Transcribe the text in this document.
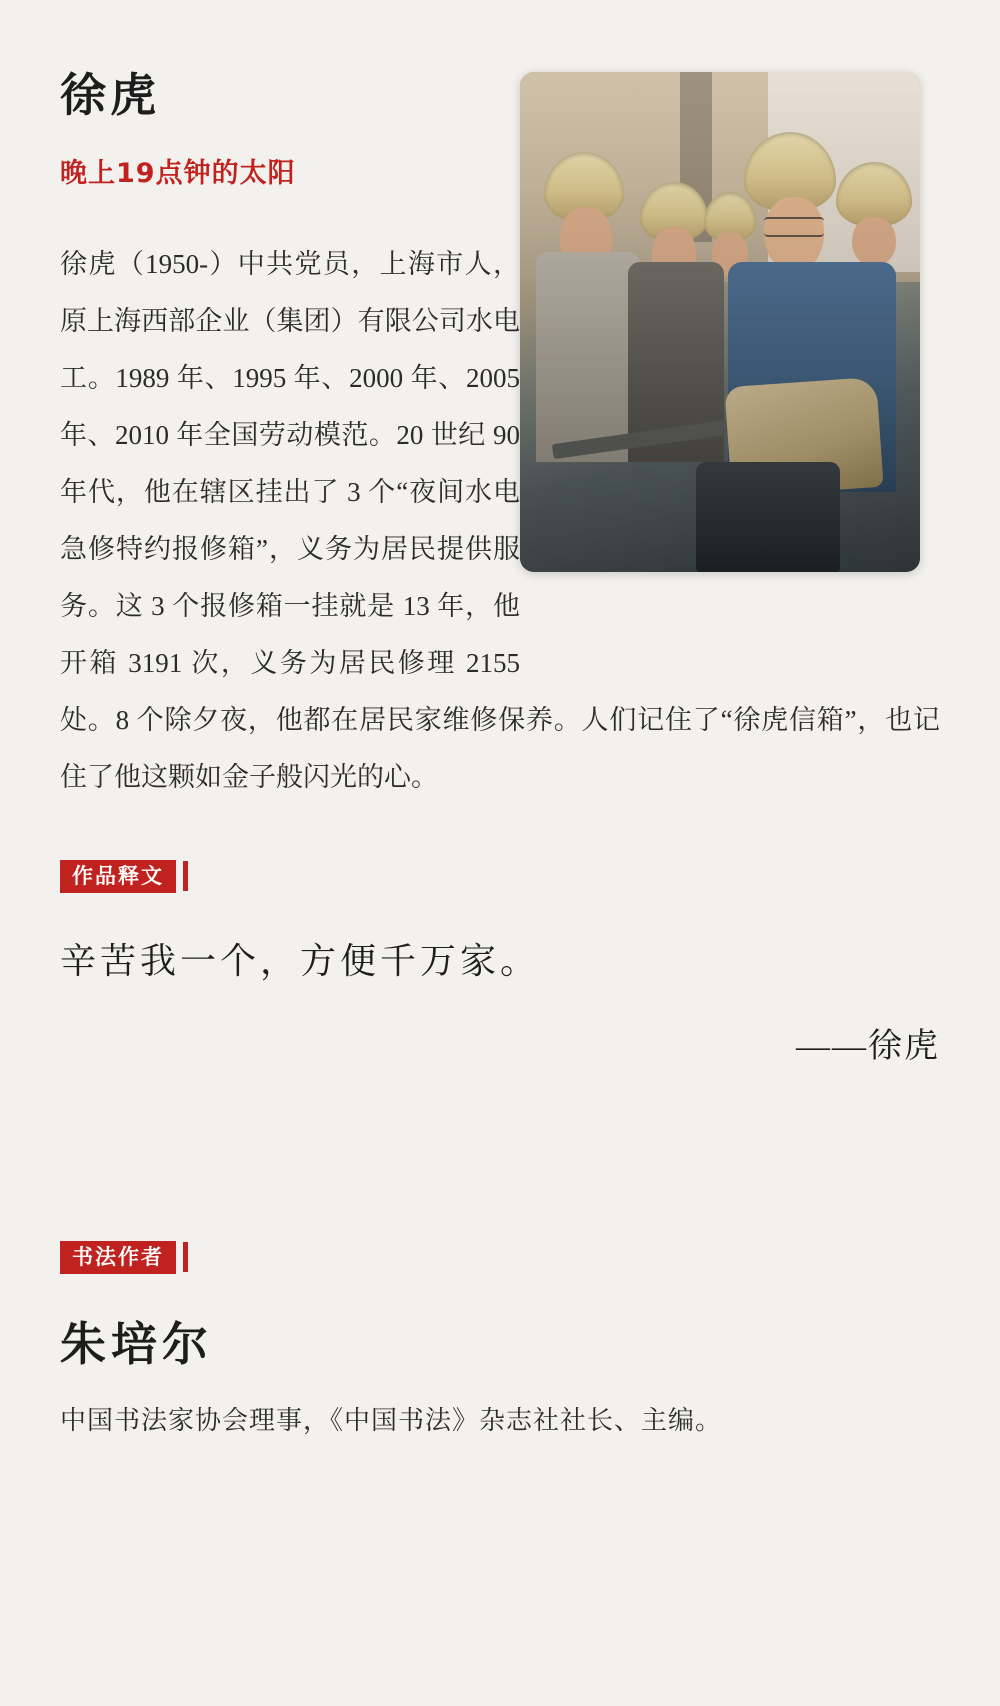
徐虎
晚上19点钟的太阳

徐虎（1950-）中共党员，上海市人，原上海西部企业（集团）有限公司水电工。1989 年、1995 年、2000 年、2005 年、2010 年全国劳动模范。20 世纪 90 年代，他在辖区挂出了 3 个“夜间水电急修特约报修箱”，义务为居民提供服务。这 3 个报修箱一挂就是 13 年，他开箱 3191 次，义务为居民修理 2155 处。8 个除夕夜，他都在居民家维修保养。人们记住了“徐虎信箱”，也记住了他这颗如金子般闪光的心。

作品释文
辛苦我一个，方便千万家。
——徐虎
书法作者
朱培尔
中国书法家协会理事，《中国书法》杂志社社长、主编。
